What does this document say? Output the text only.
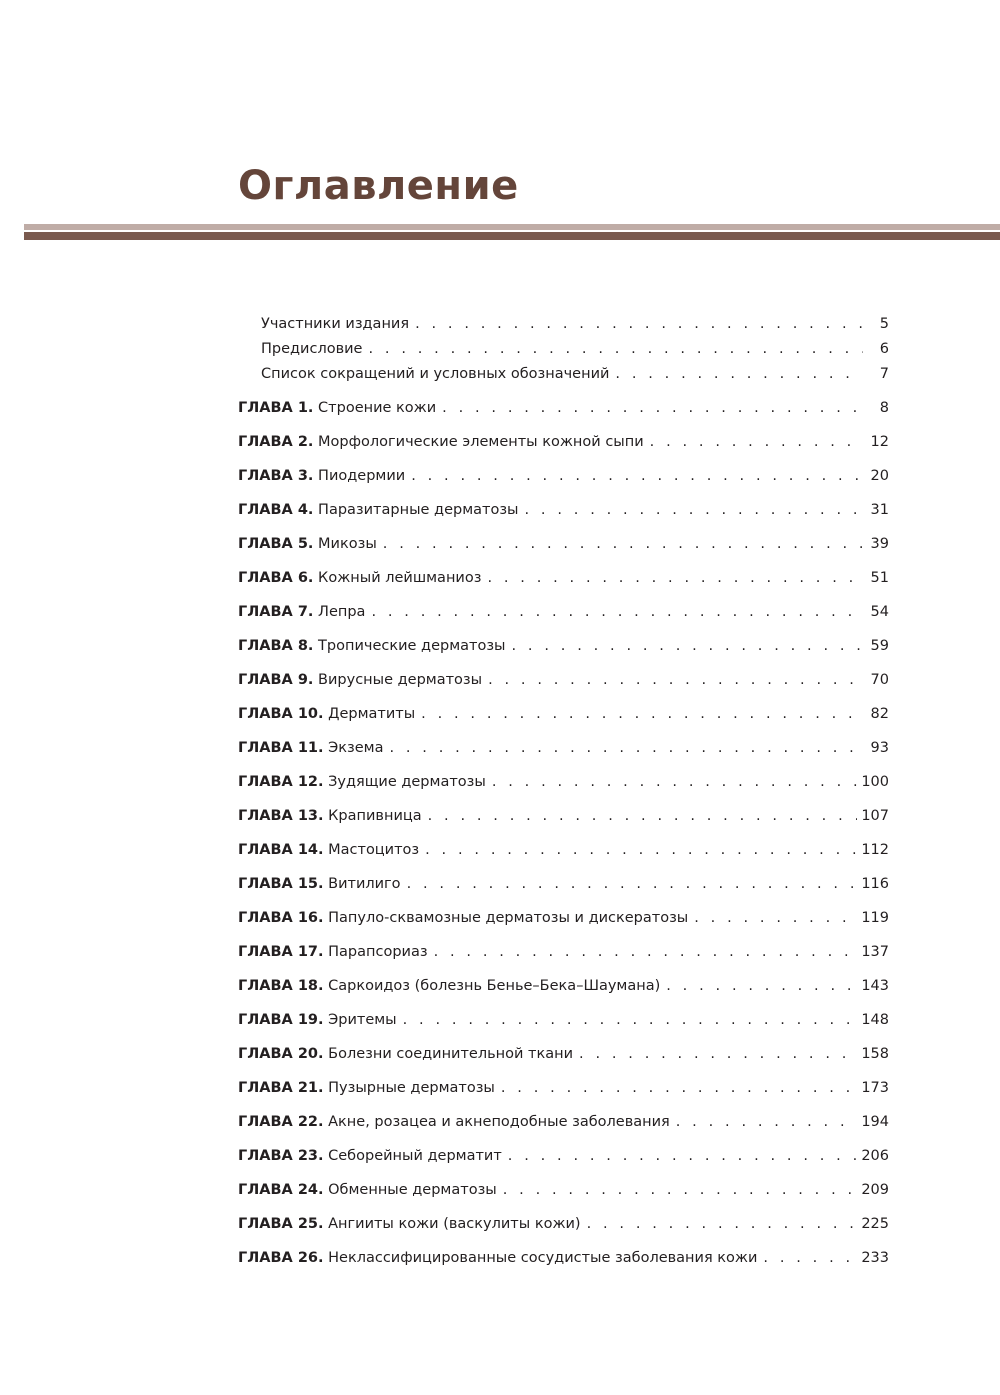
Оглавление
Участники издания . . .	5
Предисловие . . .	6
Список сокращений и условных обозначений . . .	7
ГЛАВА 1. Строение кожи . . .	8
ГЛАВА 2. Морфологические элементы кожной сыпи . . .	12
ГЛАВА 3. Пиодермии . . .	20
ГЛАВА 4. Паразитарные дерматозы . . .	31
ГЛАВА 5. Микозы . . .	39
ГЛАВА 6. Кожный лейшманиоз . . .	51
ГЛАВА 7. Лепра . . .	54
ГЛАВА 8. Тропические дерматозы . . .	59
ГЛАВА 9. Вирусные дерматозы . . .	70
ГЛАВА 10. Дерматиты . . .	82
ГЛАВА 11. Экзема . . .	93
ГЛАВА 12. Зудящие дерматозы . . .	100
ГЛАВА 13. Крапивница . . .	107
ГЛАВА 14. Мастоцитоз . . .	112
ГЛАВА 15. Витилиго . . .	116
ГЛАВА 16. Папуло-сквамозные дерматозы и дискератозы . . .	119
ГЛАВА 17. Парапсориаз . . .	137
ГЛАВА 18. Саркоидоз (болезнь Бенье–Бека–Шаумана) . . .	143
ГЛАВА 19. Эритемы . . .	148
ГЛАВА 20. Болезни соединительной ткани . . .	158
ГЛАВА 21. Пузырные дерматозы . . .	173
ГЛАВА 22. Акне, розацеа и акнеподобные заболевания . . .	194
ГЛАВА 23. Себорейный дерматит . . .	206
ГЛАВА 24. Обменные дерматозы . . .	209
ГЛАВА 25. Ангииты кожи (васкулиты кожи) . . .	225
ГЛАВА 26. Неклассифицированные сосудистые заболевания кожи . . .	233
